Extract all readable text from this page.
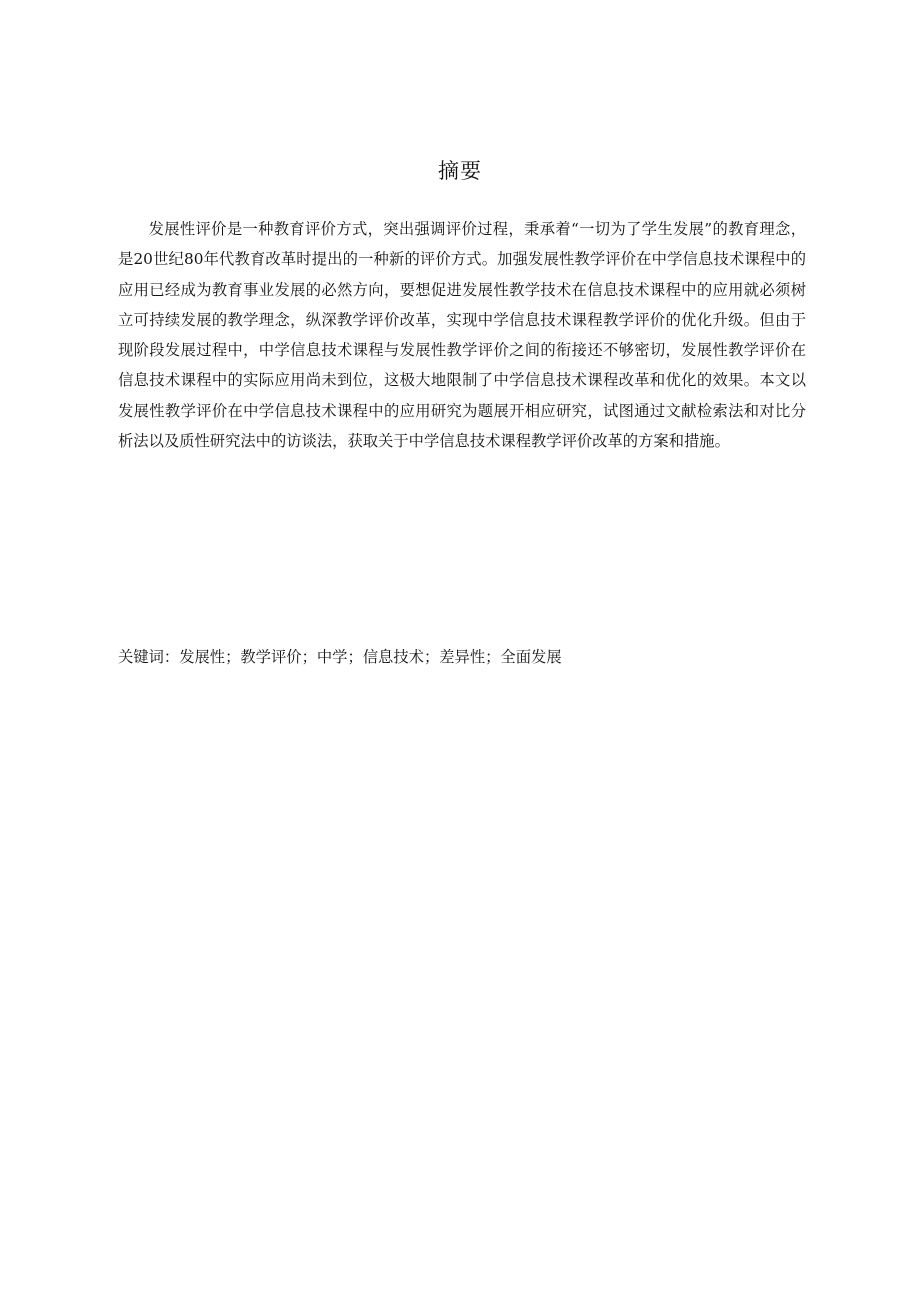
摘要

发展性评价是一种教育评价方式，突出强调评价过程，秉承着“一切为了学生发展”的教育理念，是20世纪80年代教育改革时提出的一种新的评价方式。加强发展性教学评价在中学信息技术课程中的应用已经成为教育事业发展的必然方向，要想促进发展性教学技术在信息技术课程中的应用就必须树立可持续发展的教学理念，纵深教学评价改革，实现中学信息技术课程教学评价的优化升级。但由于现阶段发展过程中，中学信息技术课程与发展性教学评价之间的衔接还不够密切，发展性教学评价在信息技术课程中的实际应用尚未到位，这极大地限制了中学信息技术课程改革和优化的效果。本文以发展性教学评价在中学信息技术课程中的应用研究为题展开相应研究，试图通过文献检索法和对比分析法以及质性研究法中的访谈法，获取关于中学信息技术课程教学评价改革的方案和措施。

关键词：发展性；教学评价；中学；信息技术；差异性；全面发展
